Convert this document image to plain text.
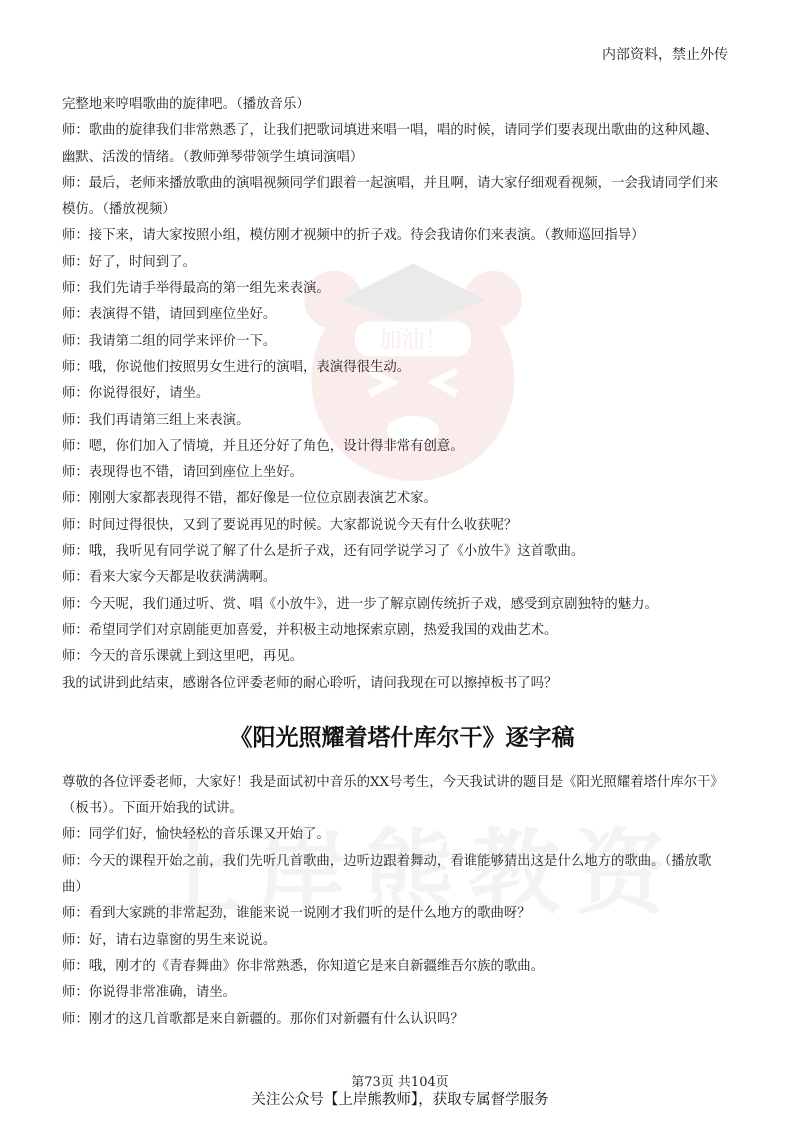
内部资料，禁止外传
加油！
完整地来哼唱歌曲的旋律吧。（播放音乐）
师：歌曲的旋律我们非常熟悉了，让我们把歌词填进来唱一唱，唱的时候，请同学们要表现出歌曲的这种风趣、
幽默、活泼的情绪。（教师弹琴带领学生填词演唱）
师：最后，老师来播放歌曲的演唱视频同学们跟着一起演唱，并且啊，请大家仔细观看视频，一会我请同学们来
模仿。（播放视频）
师：接下来，请大家按照小组，模仿刚才视频中的折子戏。待会我请你们来表演。（教师巡回指导）
师：好了，时间到了。
师：我们先请手举得最高的第一组先来表演。
师：表演得不错，请回到座位坐好。
师：我请第二组的同学来评价一下。
师：哦，你说他们按照男女生进行的演唱，表演得很生动。
师：你说得很好，请坐。
师：我们再请第三组上来表演。
师：嗯，你们加入了情境，并且还分好了角色，设计得非常有创意。
师：表现得也不错，请回到座位上坐好。
师：刚刚大家都表现得不错，都好像是一位位京剧表演艺术家。
师：时间过得很快，又到了要说再见的时候。大家都说说今天有什么收获呢？
师：哦，我听见有同学说了解了什么是折子戏，还有同学说学习了《小放牛》这首歌曲。
师：看来大家今天都是收获满满啊。
师：今天呢，我们通过听、赏、唱《小放牛》，进一步了解京剧传统折子戏，感受到京剧独特的魅力。
师：希望同学们对京剧能更加喜爱，并积极主动地探索京剧，热爱我国的戏曲艺术。
师：今天的音乐课就上到这里吧，再见。
我的试讲到此结束，感谢各位评委老师的耐心聆听，请问我现在可以擦掉板书了吗？
《阳光照耀着塔什库尔干》逐字稿
尊敬的各位评委老师，大家好！我是面试初中音乐的XX号考生，今天我试讲的题目是《阳光照耀着塔什库尔干》
（板书）。下面开始我的试讲。
师：同学们好，愉快轻松的音乐课又开始了。
师：今天的课程开始之前，我们先听几首歌曲，边听边跟着舞动，看谁能够猜出这是什么地方的歌曲。（播放歌
曲）
师：看到大家跳的非常起劲，谁能来说一说刚才我们听的是什么地方的歌曲呀？
师：好，请右边靠窗的男生来说说。
师：哦，刚才的《青春舞曲》你非常熟悉，你知道它是来自新疆维吾尔族的歌曲。
师：你说得非常准确，请坐。
师：刚才的这几首歌都是来自新疆的。那你们对新疆有什么认识吗？
第73页 共104页
关注公众号【上岸熊教师】，获取专属督学服务
